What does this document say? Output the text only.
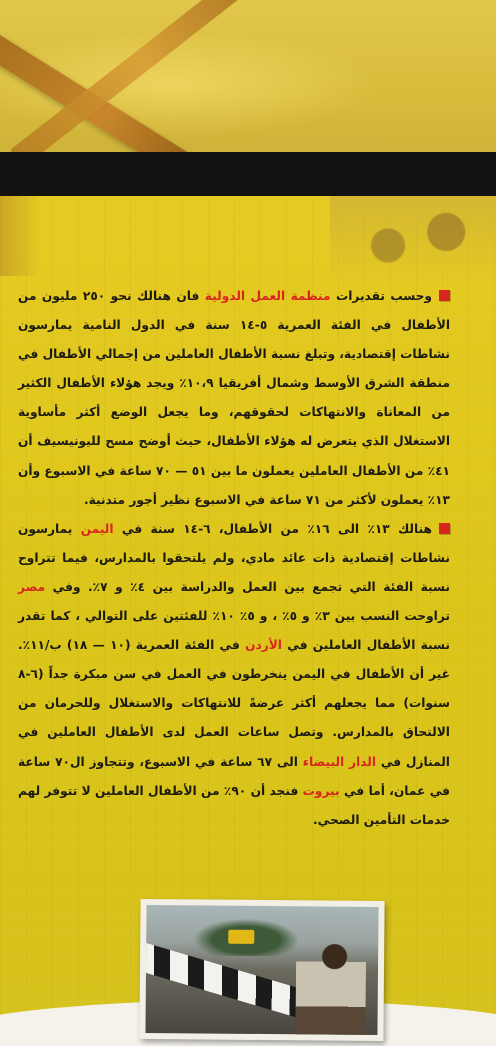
وحسب تقديرات منظمة العمل الدولية فان هنالك نحو ٢٥٠ مليون من الأطفال في الفئة العمرية ٥-١٤ سنة في الدول النامية يمارسون نشاطات إقتصادية، وتبلغ نسبة الأطفال العاملين من إجمالي الأطفال في منطقة الشرق الأوسط وشمال أفريقيا ١٠،٩٪ ويجد هؤلاء الأطفال الكثير من المعاناة والانتهاكات لحقوقهم، وما يجعل الوضع أكثر مأساوية الاستغلال الذي يتعرض له هؤلاء الأطفال، حيث أوضح مسح لليونيسيف أن ٤١٪ من الأطفال العاملين يعملون ما بين ٥١ — ٧٠ ساعة في الاسبوع وأن ١٣٪ يعملون لأكثر من ٧١ ساعة في الاسبوع نظير أجور متدنية.

هنالك ١٣٪ الى ١٦٪ من الأطفال، ٦-١٤ سنة في اليمن يمارسون نشاطات إقتصادية ذات عائد مادي، ولم يلتحقوا بالمدارس، فيما تتراوح نسبة الفئة التي تجمع بين العمل والدراسة بين ٤٪ و ٧٪. وفي مصر تراوحت النسب بين ٣٪ و ٥٪ ، و ٥٪ ١٠٪ للفئتين على التوالي ، كما تقدر نسبة الأطفال العاملين في الأردن في الفئة العمرية (١٠ — ١٨) ب/١١٪. غير أن الأطفال في اليمن ينخرطون في العمل في سن مبكرة جداً (٦-٨ سنوات) مما يجعلهم أكثر عرضةً للانتهاكات والاستغلال وللحرمان من الالتحاق بالمدارس. وتصل ساعات العمل لدى الأطفال العاملين في المنازل في الدار البيضاء الى ٦٧ ساعة في الاسبوع، وتتجاوز ال٧٠ ساعة في عمان، أما في بيروت فنجد أن ٩٠٪ من الأطفال العاملين لا تتوفر لهم خدمات التأمين الصحي.
